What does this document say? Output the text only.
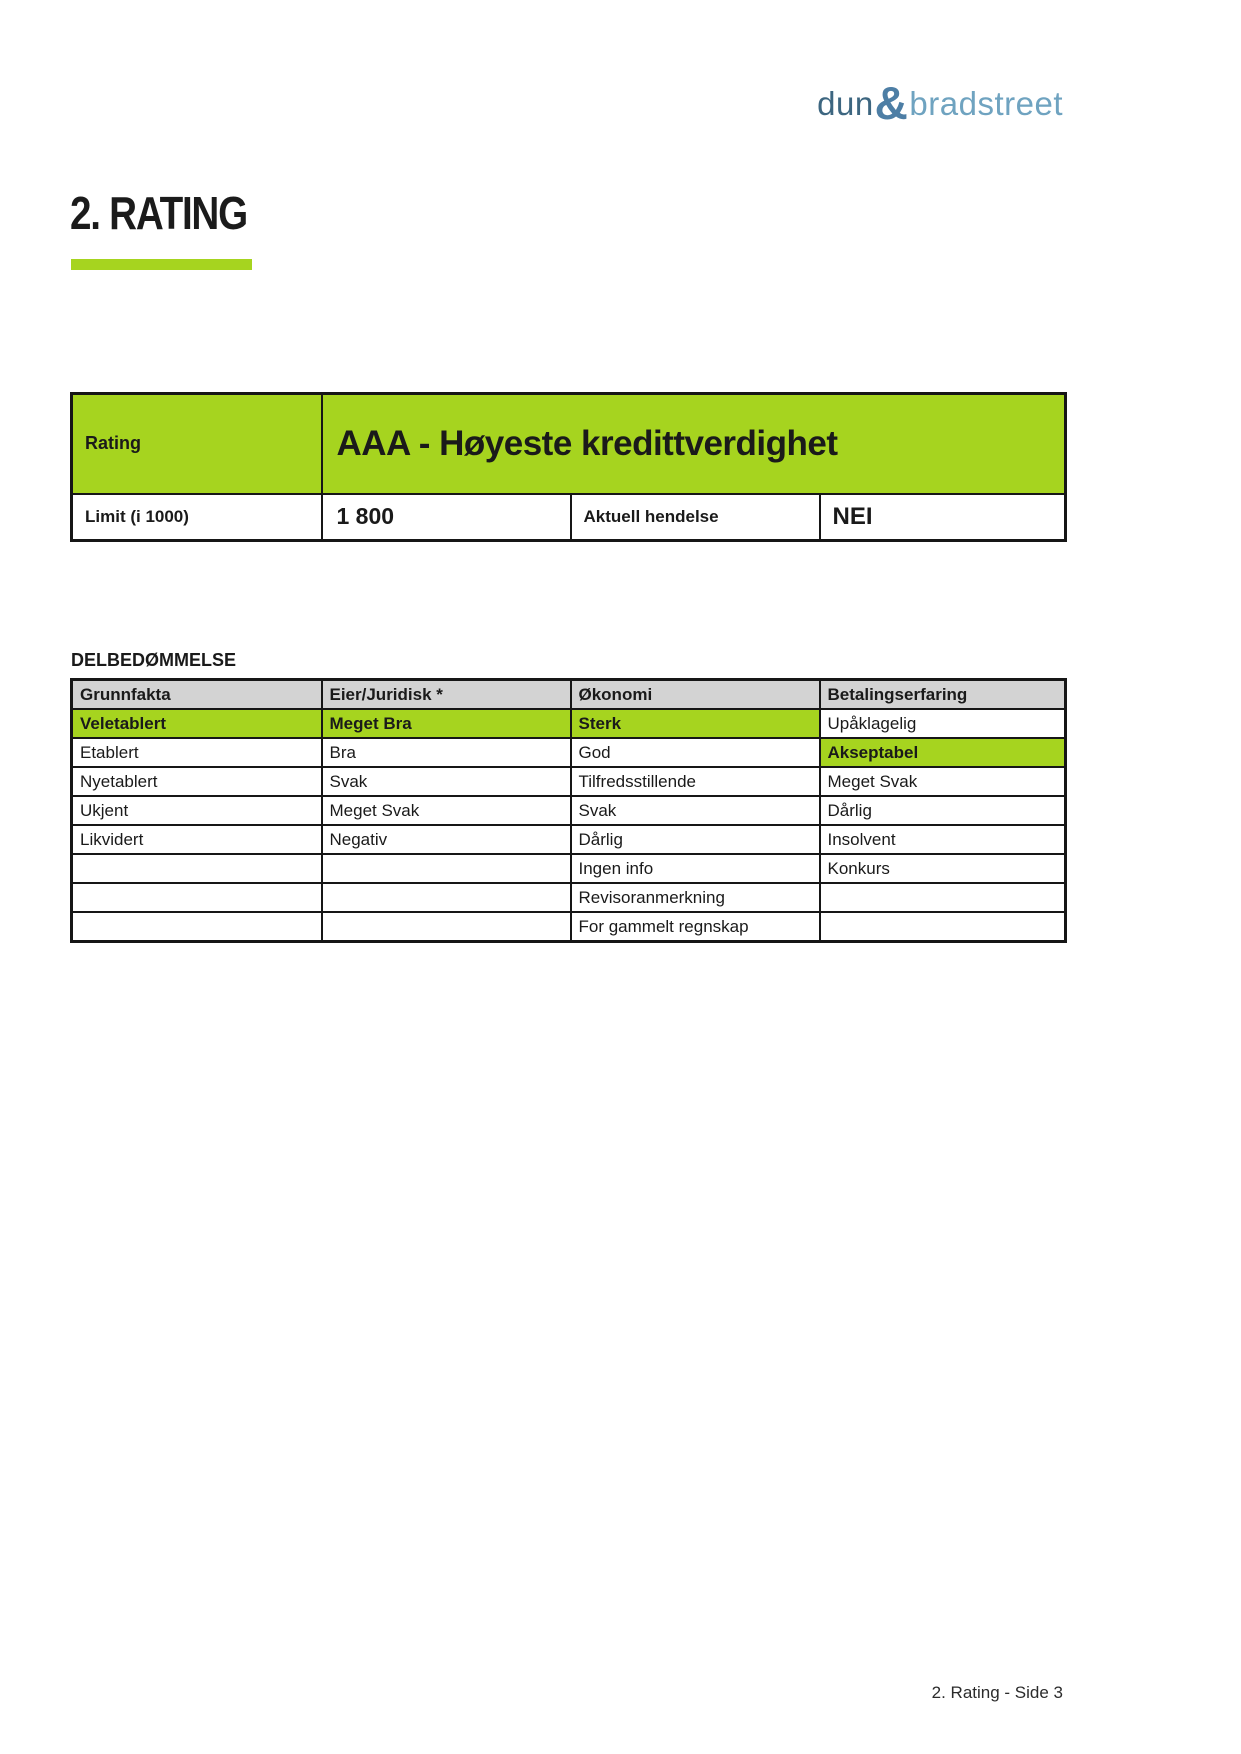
dun&bradstreet
2. RATING
Rating	AAA - Høyeste kredittverdighet		
Limit (i 1000)	1 800	Aktuell hendelse	NEI
DELBEDØMMELSE
Grunnfakta	Eier/Juridisk *	Økonomi	Betalingserfaring
Veletablert	Meget Bra	Sterk	Upåklagelig
Etablert	Bra	God	Akseptabel
Nyetablert	Svak	Tilfredsstillende	Meget Svak
Ukjent	Meget Svak	Svak	Dårlig
Likvidert	Negativ	Dårlig	Insolvent
		Ingen info	Konkurs
		Revisoranmerkning	
		For gammelt regnskap	
2. Rating - Side 3
